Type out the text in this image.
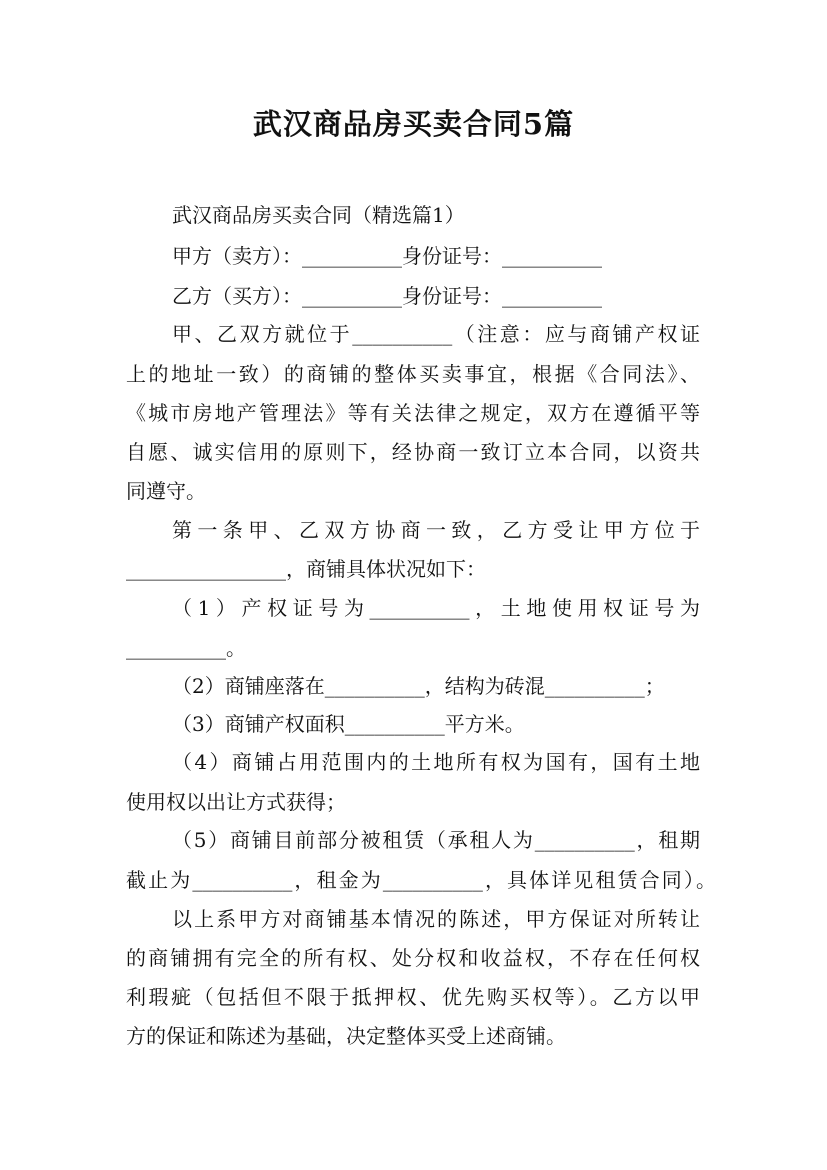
武汉商品房买卖合同5篇
武汉商品房买卖合同（精选篇1）
甲方（卖方）：__________身份证号：__________
乙方（买方）：__________身份证号：__________
甲、乙双方就位于__________（注意：应与商铺产权证
上的地址一致）的商铺的整体买卖事宜，根据《合同法》、
《城市房地产管理法》等有关法律之规定，双方在遵循平等
自愿、诚实信用的原则下，经协商一致订立本合同，以资共
同遵守。
第一条甲、乙双方协商一致，乙方受让甲方位于
________________，商铺具体状况如下：
（1）产权证号为__________，土地使用权证号为
__________。
（2）商铺座落在__________，结构为砖混__________；
（3）商铺产权面积__________平方米。
（4）商铺占用范围内的土地所有权为国有，国有土地
使用权以出让方式获得；
（5）商铺目前部分被租赁（承租人为__________，租期
截止为__________，租金为__________，具体详见租赁合同）。
以上系甲方对商铺基本情况的陈述，甲方保证对所转让
的商铺拥有完全的所有权、处分权和收益权，不存在任何权
利瑕疵（包括但不限于抵押权、优先购买权等）。乙方以甲
方的保证和陈述为基础，决定整体买受上述商铺。
